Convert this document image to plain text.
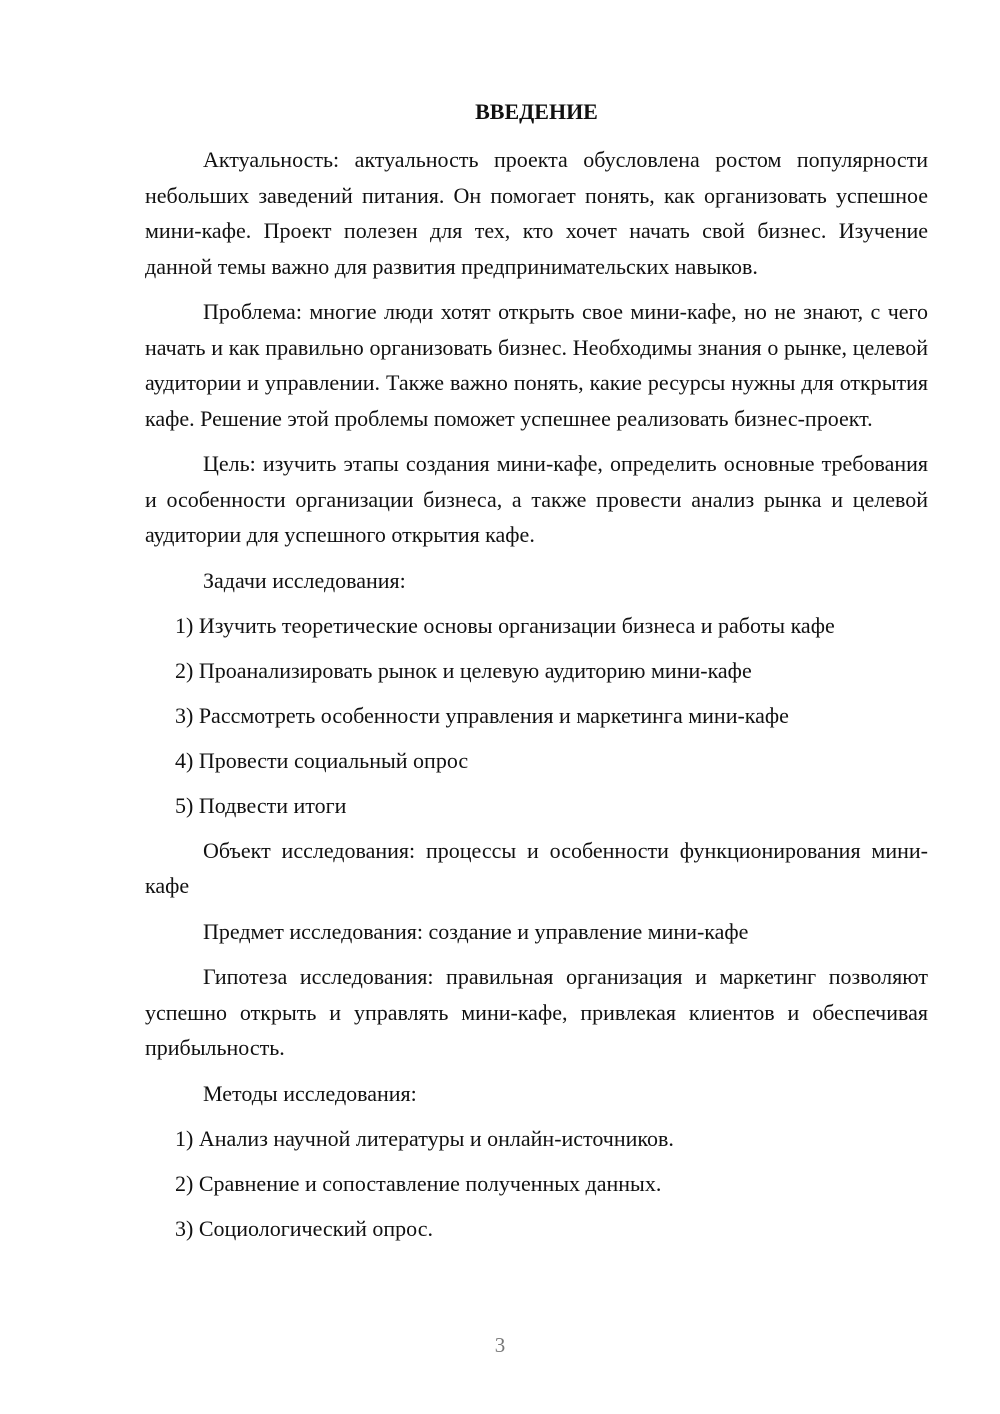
ВВЕДЕНИЕ

Актуальность: актуальность проекта обусловлена ростом популярности небольших заведений питания. Он помогает понять, как организовать успешное мини-кафе. Проект полезен для тех, кто хочет начать свой бизнес. Изучение данной темы важно для развития предпринимательских навыков.

Проблема: многие люди хотят открыть свое мини-кафе, но не знают, с чего начать и как правильно организовать бизнес. Необходимы знания о рынке, целевой аудитории и управлении. Также важно понять, какие ресурсы нужны для открытия кафе. Решение этой проблемы поможет успешнее реализовать бизнес-проект.

Цель: изучить этапы создания мини-кафе, определить основные требования и особенности организации бизнеса, а также провести анализ рынка и целевой аудитории для успешного открытия кафе.

Задачи исследования:

1) Изучить теоретические основы организации бизнеса и работы кафе
2) Проанализировать рынок и целевую аудиторию мини-кафе
3) Рассмотреть особенности управления и маркетинга мини-кафе
4) Провести социальный опрос
5) Подвести итоги

Объект исследования: процессы и особенности функционирования мини-кафе

Предмет исследования: создание и управление мини-кафе

Гипотеза исследования: правильная организация и маркетинг позволяют успешно открыть и управлять мини-кафе, привлекая клиентов и обеспечивая прибыльность.

Методы исследования:

1) Анализ научной литературы и онлайн-источников.
2) Сравнение и сопоставление полученных данных.
3) Социологический опрос.
3
